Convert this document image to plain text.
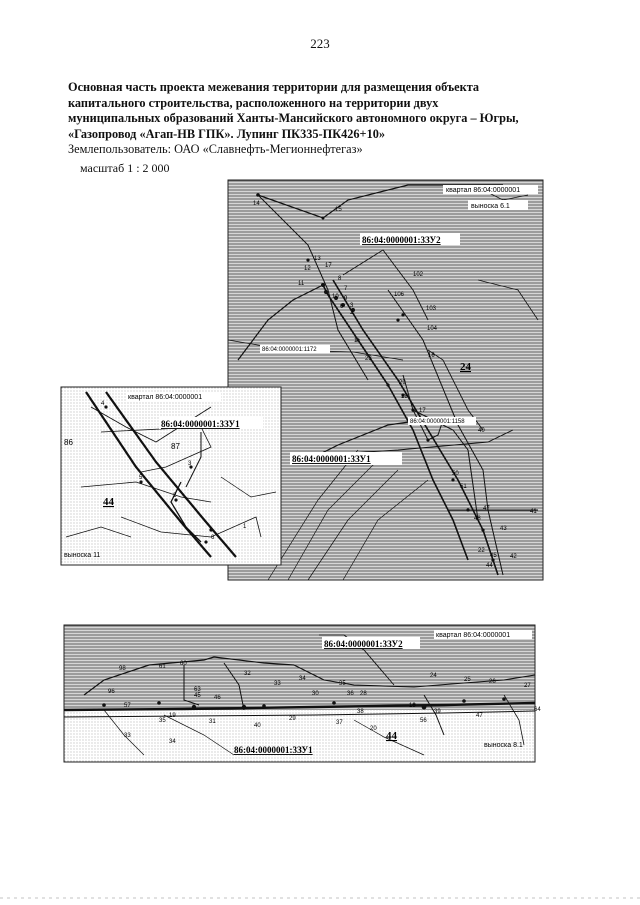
223
Основная часть проекта межевания территории для размещения объекта
капитального строительства, расположенного на территории двух
муниципальных образований Ханты-Мансийского автономного округа – Югры,
«Газопровод «Агап-НВ ГПК». Лупинг ПК335-ПК426+10»
Землепользователь: ОАО «Славнефть-Мегионнефтегаз»
масштаб 1 : 2 000
квартал 86:04:0000001
выноска 6.1
86:04:0000001:3ЗУ2
86:04:0000001:1172
86:04:0000001:1158
86:04:0000001:3ЗУ1
24
14
15
13
17
12
11
8
7
10 9
3
6
2
1
16
23
29
18
17
40
50
51
47
48
43
41
45 42
44
102
103
106
104
22
квартал 86:04:0000001
86:04:0000001:3ЗУ1
86	87
44
выноска 11
4
3
5
2
1
6
86:04:0000001:3ЗУ2
квартал 86:04:0000001
86:04:0000001:3ЗУ1
44
выноска 8.1
20
98	61 60
96	63
32
33
34
35
36
24
25	26
27
28
30
29
39
31	37
38
18
40
57
19
45 46
64
56
47
33
34
35
